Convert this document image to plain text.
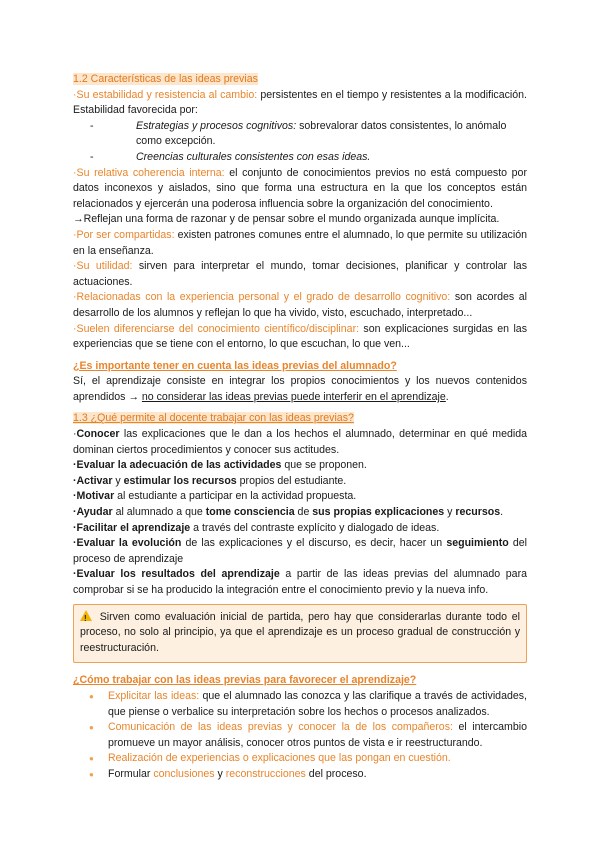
1.2 Características de las ideas previas
·Su estabilidad y resistencia al cambio: persistentes en el tiempo y resistentes a la modificación. Estabilidad favorecida por:
-	Estrategias y procesos cognitivos: sobrevalorar datos consistentes, lo anómalo como excepción.
-	Creencias culturales consistentes con esas ideas.
·Su relativa coherencia interna: el conjunto de conocimientos previos no está compuesto por datos inconexos y aislados, sino que forma una estructura en la que los conceptos están relacionados y ejercerán una poderosa influencia sobre la organización del conocimiento.
→Reflejan una forma de razonar y de pensar sobre el mundo organizada aunque implícita.
·Por ser compartidas: existen patrones comunes entre el alumnado, lo que permite su utilización en la enseñanza.
·Su utilidad: sirven para interpretar el mundo, tomar decisiones, planificar y controlar las actuaciones.
·Relacionadas con la experiencia personal y el grado de desarrollo cognitivo: son acordes al desarrollo de los alumnos y reflejan lo que ha vivido, visto, escuchado, interpretado...
·Suelen diferenciarse del conocimiento científico/disciplinar: son explicaciones surgidas en las experiencias que se tiene con el entorno, lo que escuchan, lo que ven...
¿Es importante tener en cuenta las ideas previas del alumnado?
Sí, el aprendizaje consiste en integrar los propios conocimientos y los nuevos contenidos aprendidos → no considerar las ideas previas puede interferir en el aprendizaje.
1.3 ¿Qué permite al docente trabajar con las ideas previas?
·Conocer las explicaciones que le dan a los hechos el alumnado, determinar en qué medida dominan ciertos procedimientos y conocer sus actitudes.
·Evaluar la adecuación de las actividades que se proponen.
·Activar y estimular los recursos propios del estudiante.
·Motivar al estudiante a participar en la actividad propuesta.
·Ayudar al alumnado a que tome consciencia de sus propias explicaciones y recursos.
·Facilitar el aprendizaje a través del contraste explícito y dialogado de ideas.
·Evaluar la evolución de las explicaciones y el discurso, es decir, hacer un seguimiento del proceso de aprendizaje
·Evaluar los resultados del aprendizaje a partir de las ideas previas del alumnado para comprobar si se ha producido la integración entre el conocimiento previo y la nueva info.
! Sirven como evaluación inicial de partida, pero hay que considerarlas durante todo el proceso, no solo al principio, ya que el aprendizaje es un proceso gradual de construcción y reestructuración.
¿Cómo trabajar con las ideas previas para favorecer el aprendizaje?
● Explicitar las ideas: que el alumnado las conozca y las clarifique a través de actividades, que piense o verbalice su interpretación sobre los hechos o procesos analizados.
● Comunicación de las ideas previas y conocer la de los compañeros: el intercambio promueve un mayor análisis, conocer otros puntos de vista e ir reestructurando.
● Realización de experiencias o explicaciones que las pongan en cuestión.
● Formular conclusiones y reconstrucciones del proceso.
